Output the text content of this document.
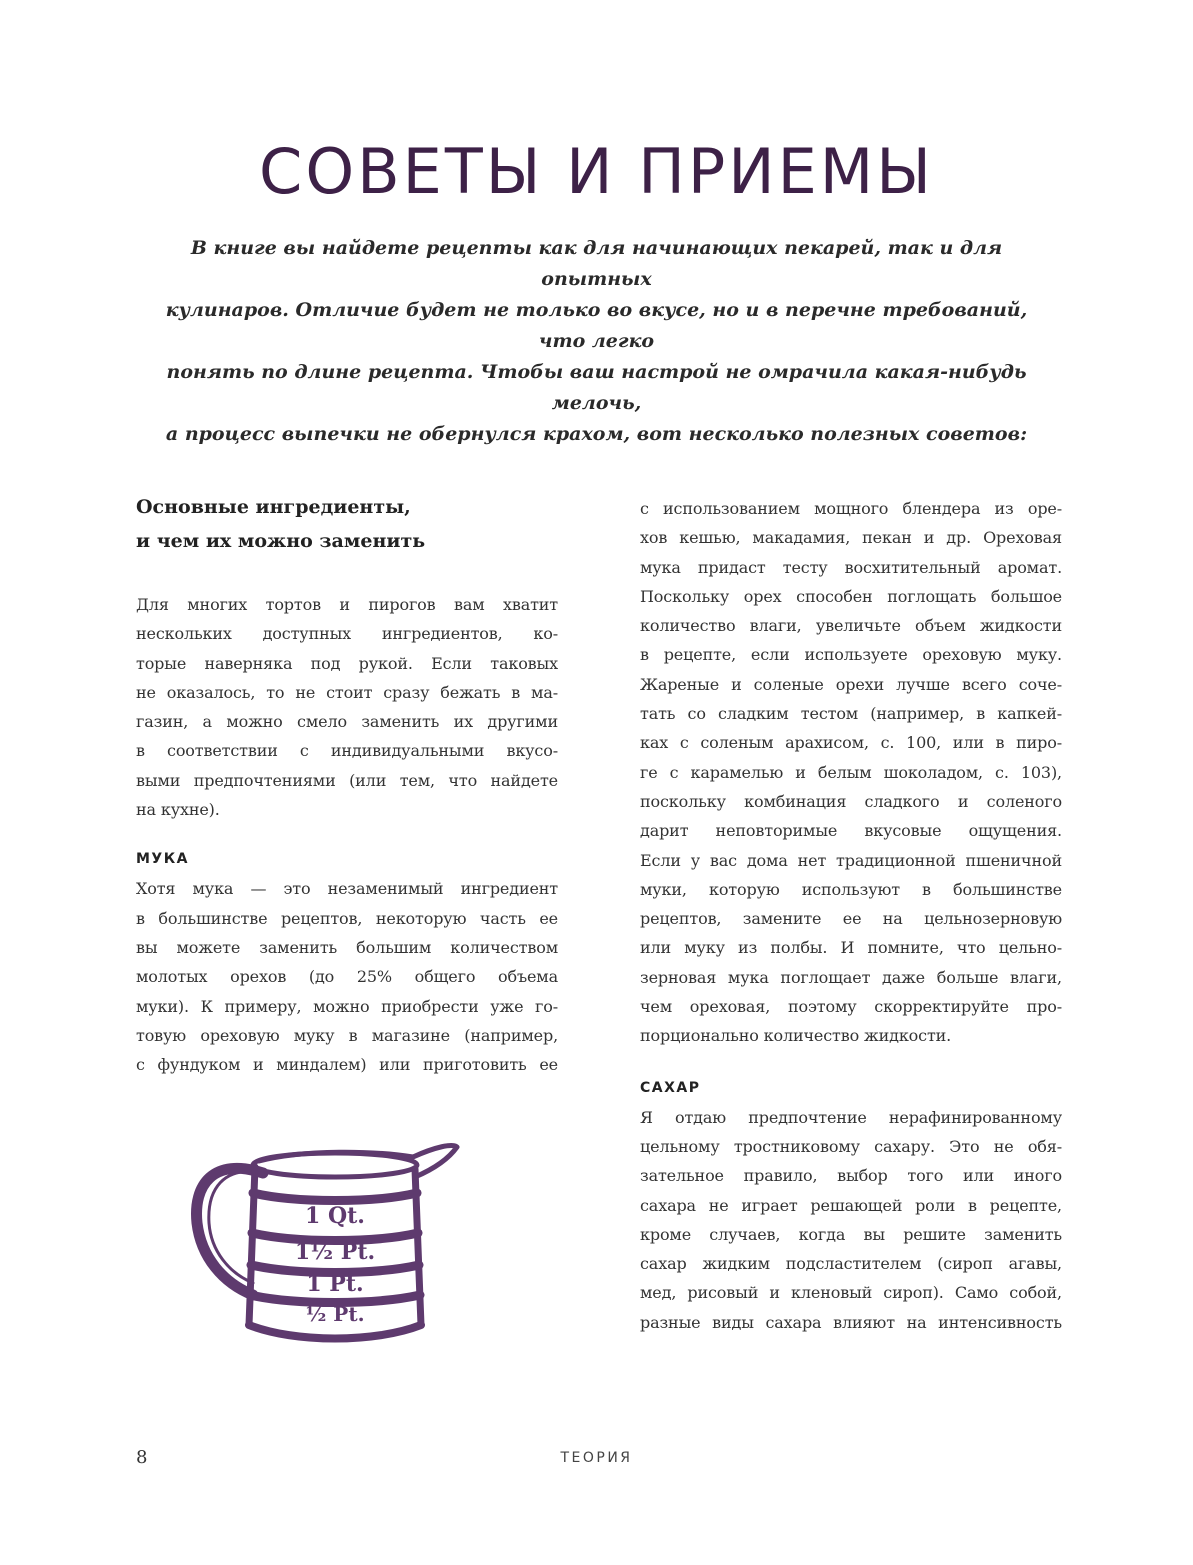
СОВЕТЫ И ПРИЕМЫ
В книге вы найдете рецепты как для начинающих пекарей, так и для опытных
кулинаров. Отличие будет не только во вкусе, но и в перечне требований, что легко
понять по длине рецепта. Чтобы ваш настрой не омрачила какая-нибудь мелочь,
а процесс выпечки не обернулся крахом, вот несколько полезных советов:
Основные ингредиенты,
и чем их можно заменить

Для многих тортов и пирогов вам хватит
нескольких доступных ингредиентов, ко-
торые наверняка под рукой. Если таковых
не оказалось, то не стоит сразу бежать в ма-
газин, а можно смело заменить их другими
в соответствии с индивидуальными вкусо-
выми предпочтениями (или тем, что найдете
на кухне).

МУКА

Хотя мука — это незаменимый ингредиент
в большинстве рецептов, некоторую часть ее
вы можете заменить большим количеством
молотых орехов (до 25% общего объема
муки). К примеру, можно приобрести уже го-
товую ореховую муку в магазине (например,
с фундуком и миндалем) или приготовить ее

с использованием мощного блендера из орe-
хов кешью, макадамия, пекан и др. Ореховая
мука придаст тесту восхитительный аромат.
Поскольку орех способен поглощать большое
количество влаги, увеличьте объем жидкости
в рецепте, если используете ореховую муку.
Жареные и соленые орехи лучше всего соче-
тать со сладким тестом (например, в капкей-
ках с соленым арахисом, с. 100, или в пиро-
ге с карамелью и белым шоколадом, с. 103),
поскольку комбинация сладкого и соленого
дарит неповторимые вкусовые ощущения.
Если у вас дома нет традиционной пшеничной
муки, которую используют в большинстве
рецептов, замените ее на цельнозерновую
или муку из полбы. И помните, что цельно-
зерновая мука поглощает даже больше влаги,
чем ореховая, поэтому скорректируйте про-
порционально количество жидкости.

САХАР

Я отдаю предпочтение нерафинированному
цельному тростниковому сахару. Это не обя-
зательное правило, выбор того или иного
сахара не играет решающей роли в рецепте,
кроме случаев, когда вы решите заменить
сахар жидким подсластителем (сироп агавы,
мед, рисовый и кленовый сироп). Само собой,
разные виды сахара влияют на интенсивность

1 Qt.
1½ Pt.
1 Pt.
½ Pt.
8	ТЕОРИЯ
